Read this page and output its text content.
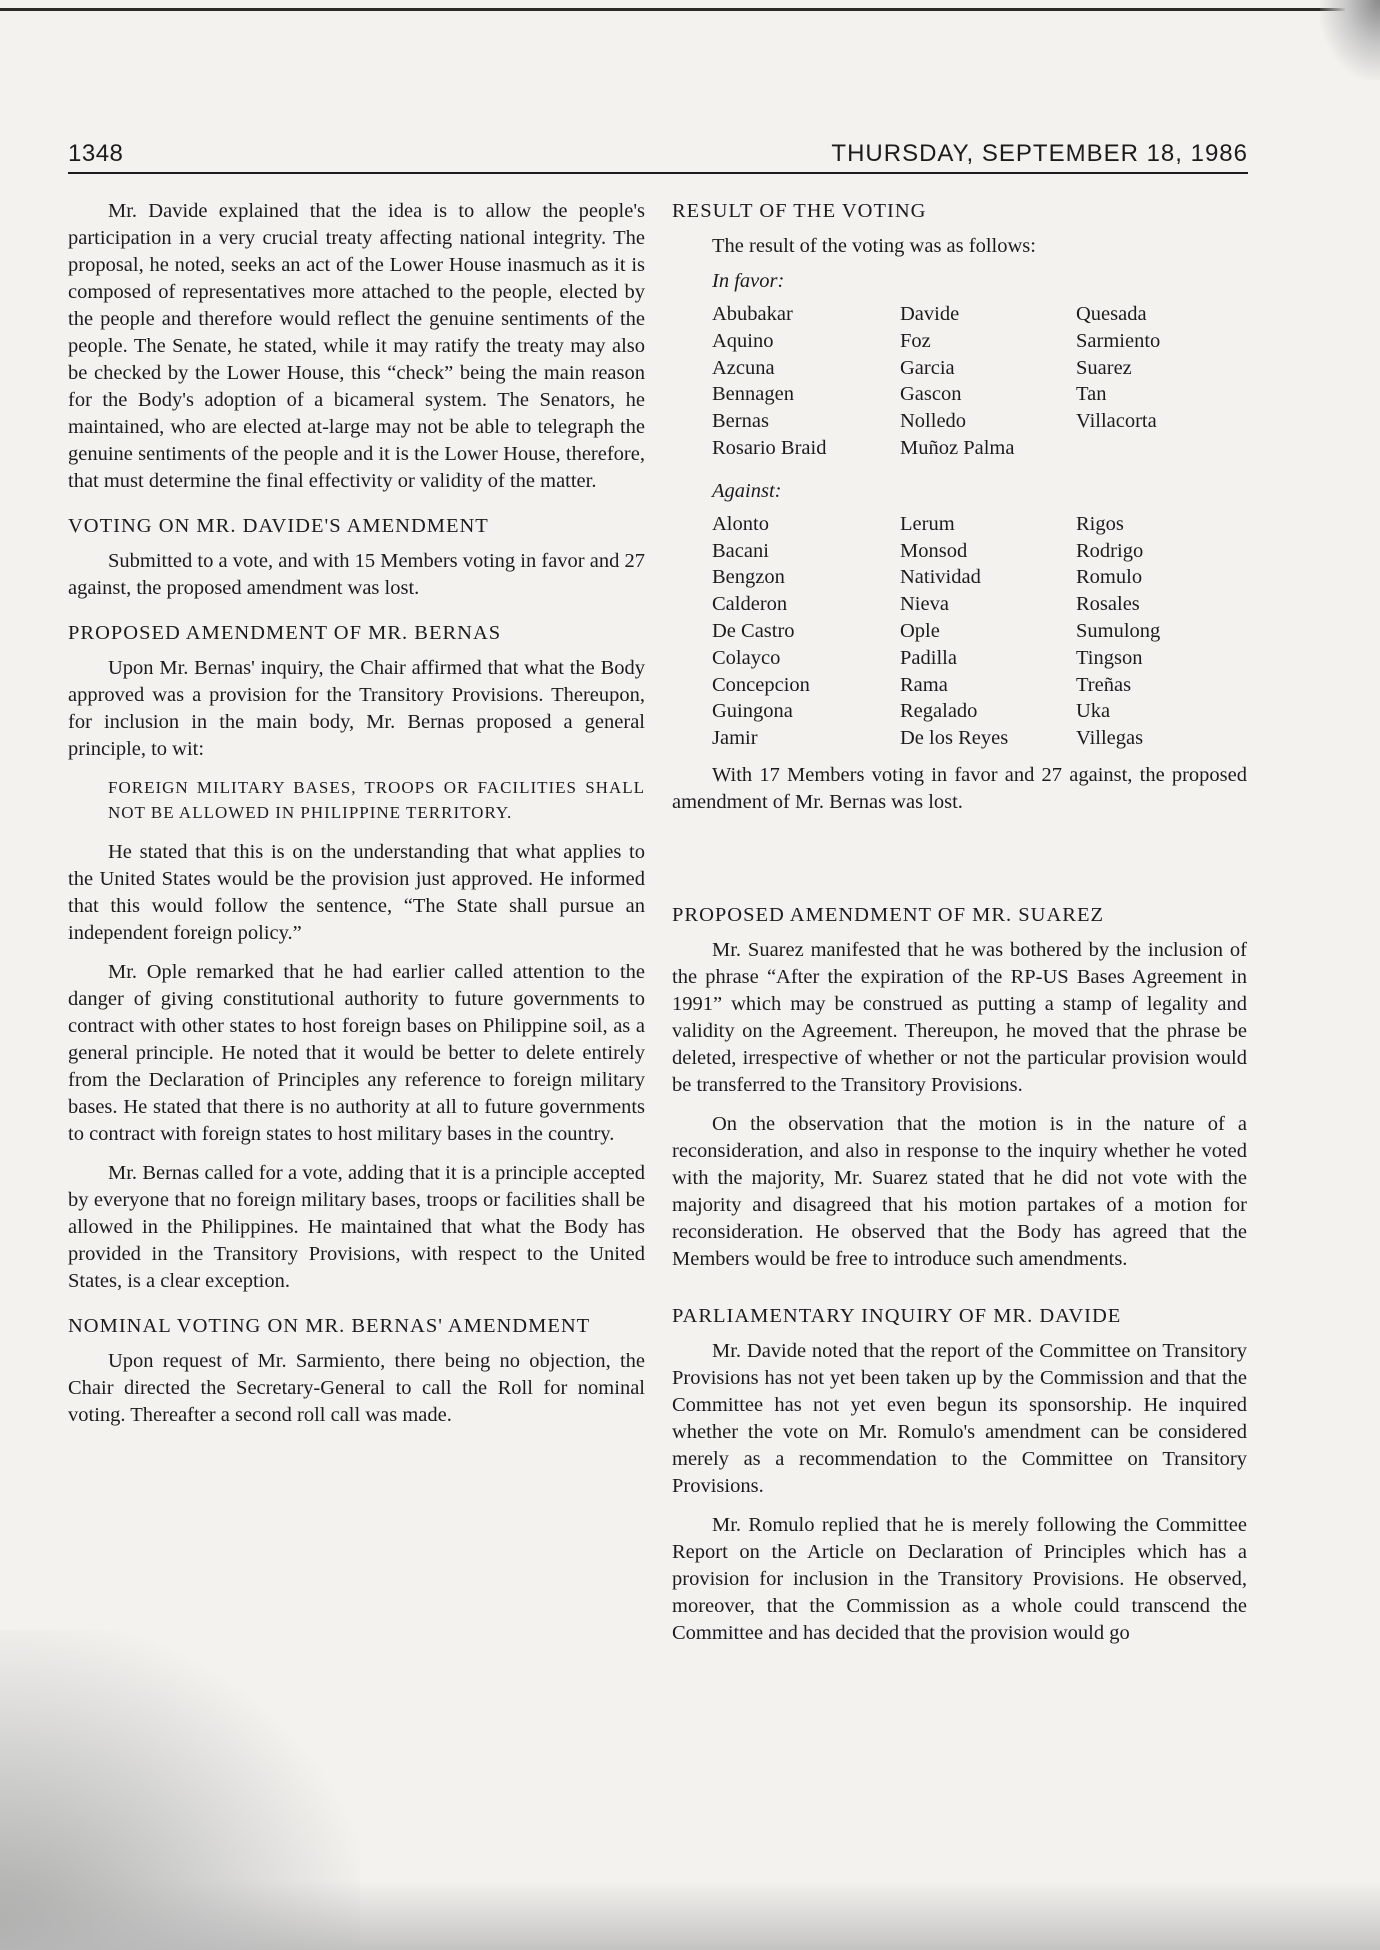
1348	THURSDAY, SEPTEMBER 18, 1986

Mr. Davide explained that the idea is to allow the people's participation in a very crucial treaty affecting national integrity. The proposal, he noted, seeks an act of the Lower House inasmuch as it is composed of representatives more attached to the people, elected by the people and therefore would reflect the genuine sentiments of the people. The Senate, he stated, while it may ratify the treaty may also be checked by the Lower House, this “check” being the main reason for the Body's adoption of a bicameral system. The Senators, he maintained, who are elected at-large may not be able to telegraph the genuine sentiments of the people and it is the Lower House, therefore, that must determine the final effectivity or validity of the matter.

VOTING ON MR. DAVIDE'S AMENDMENT

Submitted to a vote, and with 15 Members voting in favor and 27 against, the proposed amendment was lost.

PROPOSED AMENDMENT OF MR. BERNAS

Upon Mr. Bernas' inquiry, the Chair affirmed that what the Body approved was a provision for the Transitory Provisions. Thereupon, for inclusion in the main body, Mr. Bernas proposed a general principle, to wit:

FOREIGN MILITARY BASES, TROOPS OR FACILITIES SHALL NOT BE ALLOWED IN PHILIPPINE TERRITORY.

He stated that this is on the understanding that what applies to the United States would be the provision just approved. He informed that this would follow the sentence, “The State shall pursue an independent foreign policy.”

Mr. Ople remarked that he had earlier called attention to the danger of giving constitutional authority to future governments to contract with other states to host foreign bases on Philippine soil, as a general principle. He noted that it would be better to delete entirely from the Declaration of Principles any reference to foreign military bases. He stated that there is no authority at all to future governments to contract with foreign states to host military bases in the country.

Mr. Bernas called for a vote, adding that it is a principle accepted by everyone that no foreign military bases, troops or facilities shall be allowed in the Philippines. He maintained that what the Body has provided in the Transitory Provisions, with respect to the United States, is a clear exception.

NOMINAL VOTING ON MR. BERNAS' AMENDMENT

Upon request of Mr. Sarmiento, there being no objection, the Chair directed the Secretary-General to call the Roll for nominal voting. Thereafter a second roll call was made.

RESULT OF THE VOTING
The result of the voting was as follows:
In favor:
Abubakar	Davide	Quesada
Aquino	Foz	Sarmiento
Azcuna	Garcia	Suarez
Bennagen	Gascon	Tan
Bernas	Nolledo	Villacorta
Rosario Braid	Muñoz Palma
Against:
Alonto	Lerum	Rigos
Bacani	Monsod	Rodrigo
Bengzon	Natividad	Romulo
Calderon	Nieva	Rosales
De Castro	Ople	Sumulong
Colayco	Padilla	Tingson
Concepcion	Rama	Treñas
Guingona	Regalado	Uka
Jamir	De los Reyes	Villegas

With 17 Members voting in favor and 27 against, the proposed amendment of Mr. Bernas was lost.

PROPOSED AMENDMENT OF MR. SUAREZ

Mr. Suarez manifested that he was bothered by the inclusion of the phrase “After the expiration of the RP-US Bases Agreement in 1991” which may be construed as putting a stamp of legality and validity on the Agreement. Thereupon, he moved that the phrase be deleted, irrespective of whether or not the particular provision would be transferred to the Transitory Provisions.

On the observation that the motion is in the nature of a reconsideration, and also in response to the inquiry whether he voted with the majority, Mr. Suarez stated that he did not vote with the majority and disagreed that his motion partakes of a motion for reconsideration. He observed that the Body has agreed that the Members would be free to introduce such amendments.

PARLIAMENTARY INQUIRY OF MR. DAVIDE

Mr. Davide noted that the report of the Committee on Transitory Provisions has not yet been taken up by the Commission and that the Committee has not yet even begun its sponsorship. He inquired whether the vote on Mr. Romulo's amendment can be considered merely as a recommendation to the Committee on Transitory Provisions.

Mr. Romulo replied that he is merely following the Committee Report on the Article on Declaration of Principles which has a provision for inclusion in the Transitory Provisions. He observed, moreover, that the Commission as a whole could transcend the Committee and has decided that the provision would go
